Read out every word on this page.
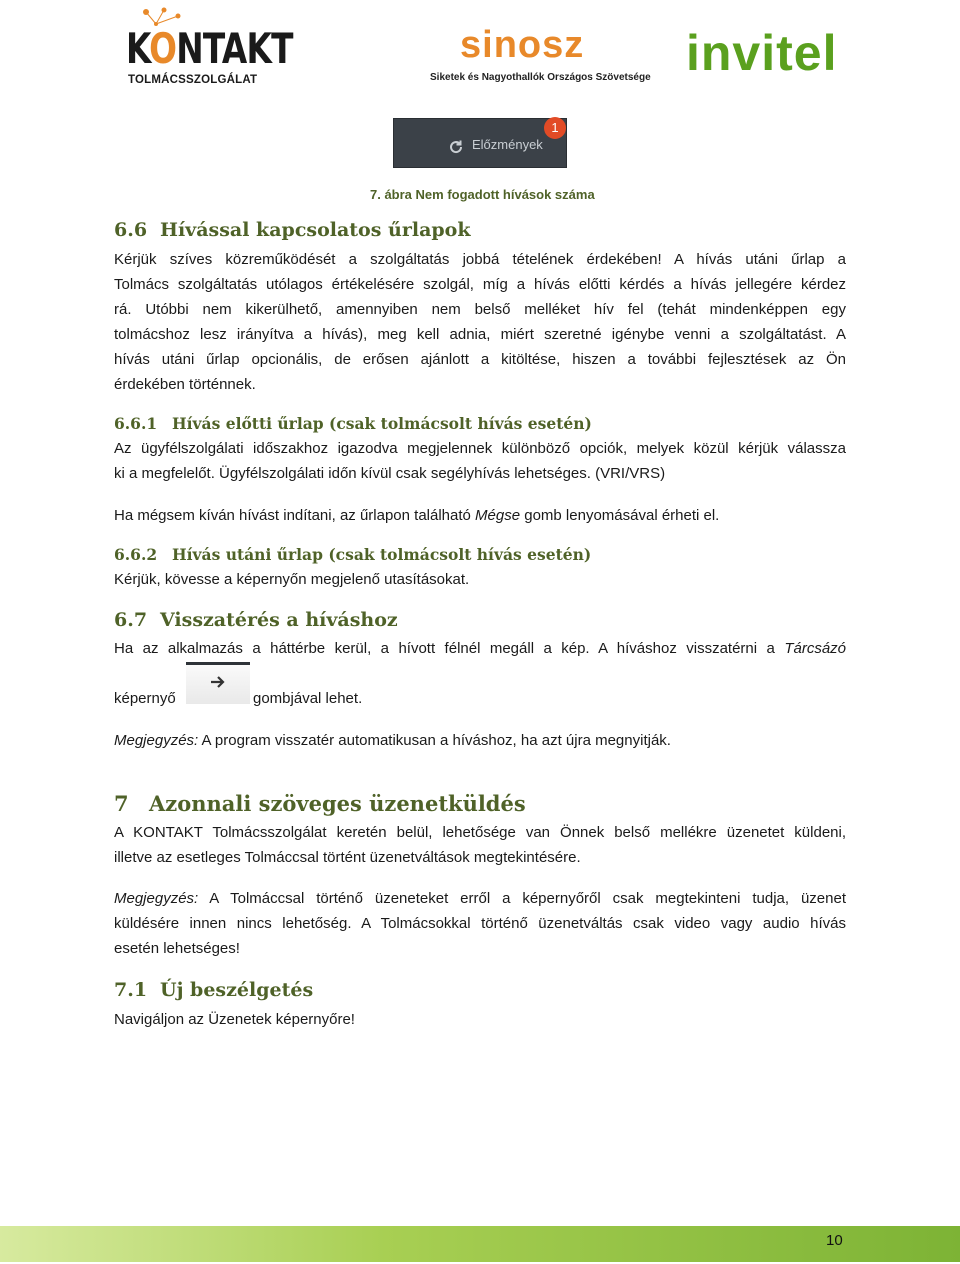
KONTAKT
TOLMÁCSSZOLGÁLAT
sinosz
Siketek és Nagyothallók Országos Szövetsége invitel
Előzmények
1
7. ábra Nem fogadott hívások száma
6.6 Hívással kapcsolatos űrlapok
Kérjük szíves közreműködését a szolgáltatás jobbá tételének érdekében! A hívás utáni űrlap a
Tolmács szolgáltatás utólagos értékelésére szolgál, míg a hívás előtti kérdés a hívás jellegére kérdez
rá. Utóbbi nem kikerülhető, amennyiben nem belső melléket hív fel (tehát mindenképpen egy
tolmácshoz lesz irányítva a hívás), meg kell adnia, miért szeretné igénybe venni a szolgáltatást. A
hívás utáni űrlap opcionális, de erősen ajánlott a kitöltése, hiszen a további fejlesztések az Ön
érdekében történnek.
6.6.1 Hívás előtti űrlap (csak tolmácsolt hívás esetén)
Az ügyfélszolgálati időszakhoz igazodva megjelennek különböző opciók, melyek közül kérjük válassza
ki a megfelelőt. Ügyfélszolgálati időn kívül csak segélyhívás lehetséges. (VRI/VRS)
Ha mégsem kíván hívást indítani, az űrlapon található Mégse gomb lenyomásával érheti el.
6.6.2 Hívás utáni űrlap (csak tolmácsolt hívás esetén)
Kérjük, kövesse a képernyőn megjelenő utasításokat.
6.7 Visszatérés a híváshoz
Ha az alkalmazás a háttérbe kerül, a hívott félnél megáll a kép. A híváshoz visszatérni a Tárcsázó
képernyő	gombjával lehet.
Megjegyzés: A program visszatér automatikusan a híváshoz, ha azt újra megnyitják.
7 Azonnali szöveges üzenetküldés
A KONTAKT Tolmácsszolgálat keretén belül, lehetősége van Önnek belső mellékre üzenetet küldeni,
illetve az esetleges Tolmáccsal történt üzenetváltások megtekintésére.
Megjegyzés: A Tolmáccsal történő üzeneteket erről a képernyőről csak megtekinteni tudja, üzenet
küldésére innen nincs lehetőség. A Tolmácsokkal történő üzenetváltás csak video vagy audio hívás
esetén lehetséges!
7.1 Új beszélgetés
Navigáljon az Üzenetek képernyőre!
10
